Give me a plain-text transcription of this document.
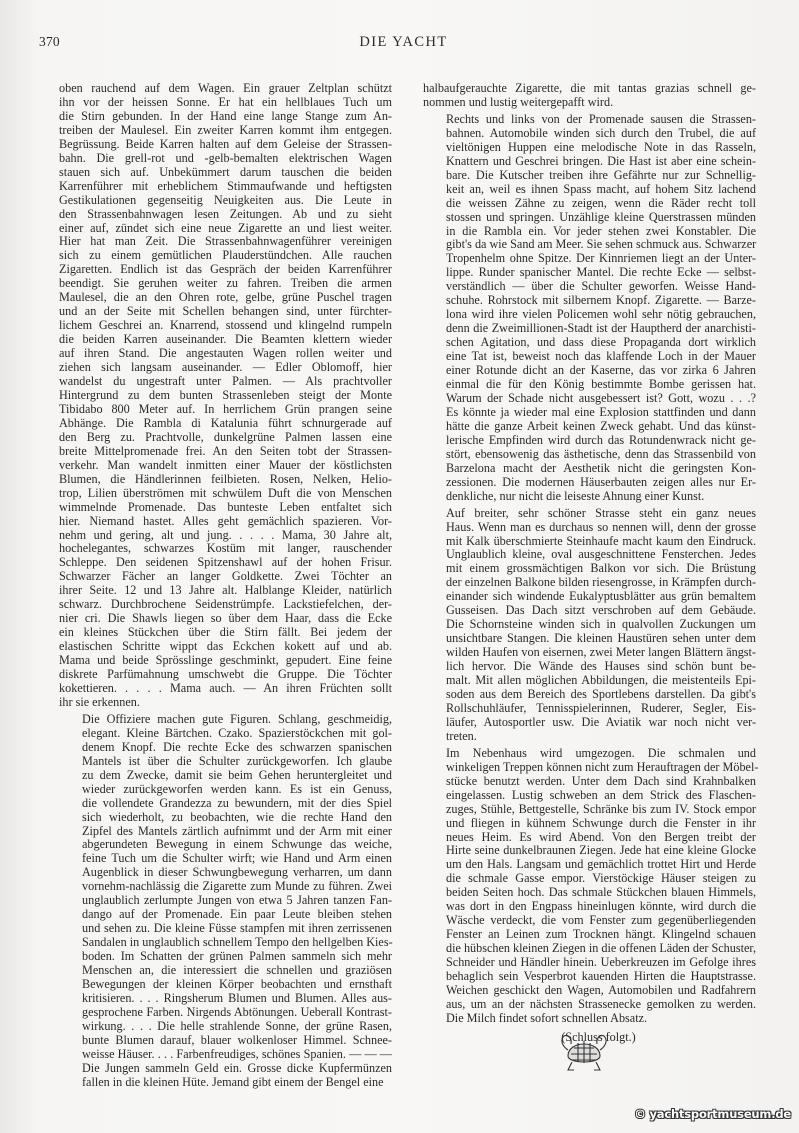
370	DIE YACHT

oben rauchend auf dem Wagen. Ein grauer Zeltplan schützt
ihn vor der heissen Sonne. Er hat ein hellblaues Tuch um
die Stirn gebunden. In der Hand eine lange Stange zum An-
treiben der Maulesel. Ein zweiter Karren kommt ihm entgegen.
Begrüssung. Beide Karren halten auf dem Geleise der Strassen-
bahn. Die grell-rot und -gelb-bemalten elektrischen Wagen
stauen sich auf. Unbekümmert darum tauschen die beiden
Karrenführer mit erheblichem Stimmaufwande und heftigsten
Gestikulationen gegenseitig Neuigkeiten aus. Die Leute in
den Strassenbahnwagen lesen Zeitungen. Ab und zu sieht
einer auf, zündet sich eine neue Zigarette an und liest weiter.
Hier hat man Zeit. Die Strassenbahnwagenführer vereinigen
sich zu einem gemütlichen Plauderstündchen. Alle rauchen
Zigaretten. Endlich ist das Gespräch der beiden Karrenführer
beendigt. Sie geruhen weiter zu fahren. Treiben die armen
Maulesel, die an den Ohren rote, gelbe, grüne Puschel tragen
und an der Seite mit Schellen behangen sind, unter fürchter-
lichem Geschrei an. Knarrend, stossend und klingelnd rumpeln
die beiden Karren auseinander. Die Beamten klettern wieder
auf ihren Stand. Die angestauten Wagen rollen weiter und
ziehen sich langsam auseinander. — Edler Oblomoff, hier
wandelst du ungestraft unter Palmen. — Als prachtvoller
Hintergrund zu dem bunten Strassenleben steigt der Monte
Tibidabo 800 Meter auf. In herrlichem Grün prangen seine
Abhänge. Die Rambla di Katalunia führt schnurgerade auf
den Berg zu. Prachtvolle, dunkelgrüne Palmen lassen eine
breite Mittelpromenade frei. An den Seiten tobt der Strassen-
verkehr. Man wandelt inmitten einer Mauer der köstlichsten
Blumen, die Händlerinnen feilbieten. Rosen, Nelken, Helio-
trop, Lilien überströmen mit schwülem Duft die von Menschen
wimmelnde Promenade. Das bunteste Leben entfaltet sich
hier. Niemand hastet. Alles geht gemächlich spazieren. Vor-
nehm und gering, alt und jung. . . . . Mama, 30 Jahre alt,
hochelegantes, schwarzes Kostüm mit langer, rauschender
Schleppe. Den seidenen Spitzenshawl auf der hohen Frisur.
Schwarzer Fächer an langer Goldkette. Zwei Töchter an
ihrer Seite. 12 und 13 Jahre alt. Halblange Kleider, natürlich
schwarz. Durchbrochene Seidenstrümpfe. Lackstiefelchen, der-
nier cri. Die Shawls liegen so über dem Haar, dass die Ecke
ein kleines Stückchen über die Stirn fällt. Bei jedem der
elastischen Schritte wippt das Eckchen kokett auf und ab.
Mama und beide Sprösslinge geschminkt, gepudert. Eine feine
diskrete Parfümahnung umschwebt die Gruppe. Die Töchter
kokettieren. . . . . Mama auch. — An ihren Früchten sollt
ihr sie erkennen.

Die Offiziere machen gute Figuren. Schlang, geschmeidig,
elegant. Kleine Bärtchen. Czako. Spazierstöckchen mit gol-
denem Knopf. Die rechte Ecke des schwarzen spanischen
Mantels ist über die Schulter zurückgeworfen. Ich glaube
zu dem Zwecke, damit sie beim Gehen heruntergleitet und
wieder zurückgeworfen werden kann. Es ist ein Genuss,
die vollendete Grandezza zu bewundern, mit der dies Spiel
sich wiederholt, zu beobachten, wie die rechte Hand den
Zipfel des Mantels zärtlich aufnimmt und der Arm mit einer
abgerundeten Bewegung in einem Schwunge das weiche,
feine Tuch um die Schulter wirft; wie Hand und Arm einen
Augenblick in dieser Schwungbewegung verharren, um dann
vornehm-nachlässig die Zigarette zum Munde zu führen. Zwei
unglaublich zerlumpte Jungen von etwa 5 Jahren tanzen Fan-
dango auf der Promenade. Ein paar Leute bleiben stehen
und sehen zu. Die kleine Füsse stampfen mit ihren zerrissenen
Sandalen in unglaublich schnellem Tempo den hellgelben Kies-
boden. Im Schatten der grünen Palmen sammeln sich mehr
Menschen an, die interessiert die schnellen und graziösen
Bewegungen der kleinen Körper beobachten und ernsthaft
kritisieren. . . . Ringsherum Blumen und Blumen. Alles aus-
gesprochene Farben. Nirgends Abtönungen. Ueberall Kontrast-
wirkung. . . . Die helle strahlende Sonne, der grüne Rasen,
bunte Blumen darauf, blauer wolkenloser Himmel. Schnee-
weisse Häuser. . . . Farbenfreudiges, schönes Spanien. — — —
Die Jungen sammeln Geld ein. Grosse dicke Kupfermünzen
fallen in die kleinen Hüte. Jemand gibt einem der Bengel eine

halbaufgerauchte Zigarette, die mit tantas grazias schnell ge-
nommen und lustig weitergepafft wird.

Rechts und links von der Promenade sausen die Strassen-
bahnen. Automobile winden sich durch den Trubel, die auf
vieltönigen Huppen eine melodische Note in das Rasseln,
Knattern und Geschrei bringen. Die Hast ist aber eine schein-
bare. Die Kutscher treiben ihre Gefährte nur zur Schnellig-
keit an, weil es ihnen Spass macht, auf hohem Sitz lachend
die weissen Zähne zu zeigen, wenn die Räder recht toll
stossen und springen. Unzählige kleine Querstrassen münden
in die Rambla ein. Vor jeder stehen zwei Konstabler. Die
gibt's da wie Sand am Meer. Sie sehen schmuck aus. Schwarzer
Tropenhelm ohne Spitze. Der Kinnriemen liegt an der Unter-
lippe. Runder spanischer Mantel. Die rechte Ecke — selbst-
verständlich — über die Schulter geworfen. Weisse Hand-
schuhe. Rohrstock mit silbernem Knopf. Zigarette. — Barze-
lona wird ihre vielen Policemen wohl sehr nötig gebrauchen,
denn die Zweimillionen-Stadt ist der Hauptherd der anarchisti-
schen Agitation, und dass diese Propaganda dort wirklich
eine Tat ist, beweist noch das klaffende Loch in der Mauer
einer Rotunde dicht an der Kaserne, das vor zirka 6 Jahren
einmal die für den König bestimmte Bombe gerissen hat.
Warum der Schade nicht ausgebessert ist? Gott, wozu . . .?
Es könnte ja wieder mal eine Explosion stattfinden und dann
hätte die ganze Arbeit keinen Zweck gehabt. Und das künst-
lerische Empfinden wird durch das Rotundenwrack nicht ge-
stört, ebensowenig das ästhetische, denn das Strassenbild von
Barzelona macht der Aesthetik nicht die geringsten Kon-
zessionen. Die modernen Häuserbauten zeigen alles nur Er-
denkliche, nur nicht die leiseste Ahnung einer Kunst.

Auf breiter, sehr schöner Strasse steht ein ganz neues
Haus. Wenn man es durchaus so nennen will, denn der grosse
mit Kalk überschmierte Steinhaufe macht kaum den Eindruck.
Unglaublich kleine, oval ausgeschnittene Fensterchen. Jedes
mit einem grossmächtigen Balkon vor sich. Die Brüstung
der einzelnen Balkone bilden riesengrosse, in Krämpfen durch-
einander sich windende Eukalyptusblätter aus grün bemaltem
Gusseisen. Das Dach sitzt verschroben auf dem Gebäude.
Die Schornsteine winden sich in qualvollen Zuckungen um
unsichtbare Stangen. Die kleinen Haustüren sehen unter dem
wilden Haufen von eisernen, zwei Meter langen Blättern ängst-
lich hervor. Die Wände des Hauses sind schön bunt be-
malt. Mit allen möglichen Abbildungen, die meistenteils Epi-
soden aus dem Bereich des Sportlebens darstellen. Da gibt's
Rollschuhläufer, Tennisspielerinnen, Ruderer, Segler, Eis-
läufer, Autosportler usw. Die Aviatik war noch nicht ver-
treten.

Im Nebenhaus wird umgezogen. Die schmalen und
winkeligen Treppen können nicht zum Herauftragen der Möbel-
stücke benutzt werden. Unter dem Dach sind Krahnbalken
eingelassen. Lustig schweben an dem Strick des Flaschen-
zuges, Stühle, Bettgestelle, Schränke bis zum IV. Stock empor
und fliegen in kühnem Schwunge durch die Fenster in ihr
neues Heim. Es wird Abend. Von den Bergen treibt der
Hirte seine dunkelbraunen Ziegen. Jede hat eine kleine Glocke
um den Hals. Langsam und gemächlich trottet Hirt und Herde
die schmale Gasse empor. Vierstöckige Häuser steigen zu
beiden Seiten hoch. Das schmale Stückchen blauen Himmels,
was dort in den Engpass hineinlugen könnte, wird durch die
Wäsche verdeckt, die vom Fenster zum gegenüberliegenden
Fenster an Leinen zum Trocknen hängt. Klingelnd schauen
die hübschen kleinen Ziegen in die offenen Läden der Schuster,
Schneider und Händler hinein. Ueberkreuzen im Gefolge ihres
behaglich sein Vesperbrot kauenden Hirten die Hauptstrasse.
Weichen geschickt den Wagen, Automobilen und Radfahrern
aus, um an der nächsten Strassenecke gemolken zu werden.
Die Milch findet sofort schnellen Absatz.

(Schluss folgt.)
© yachtsportmuseum.de
